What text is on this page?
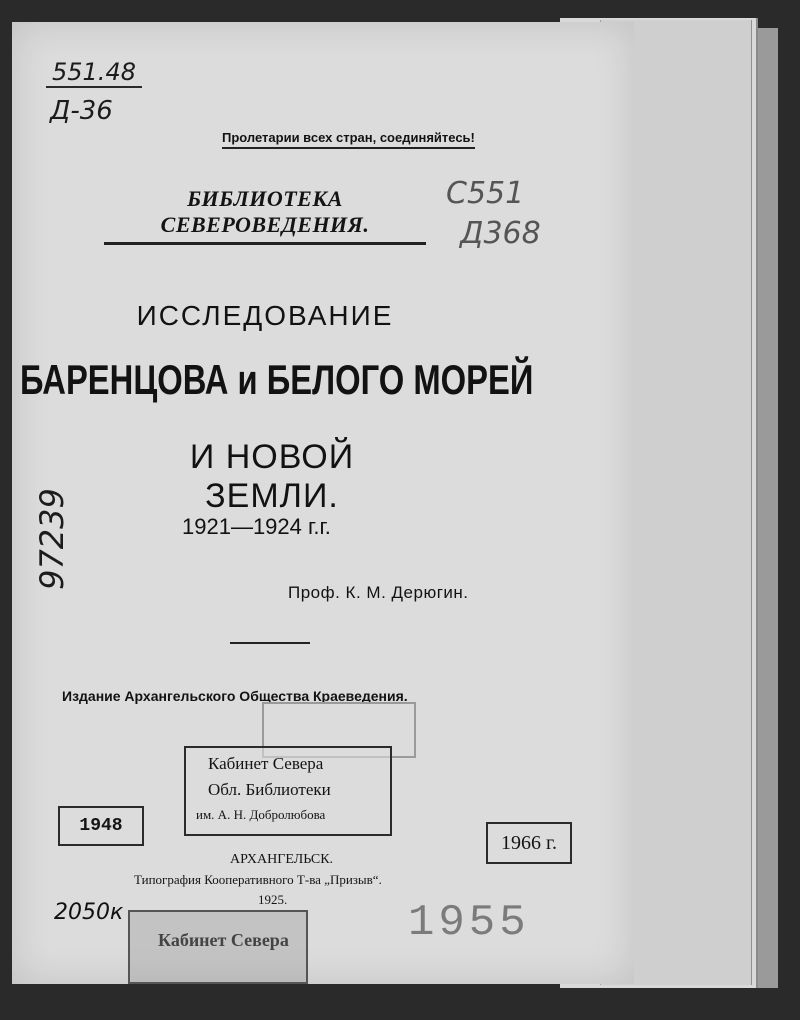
551.48
Д-36
С551
Д368
97239
Пролетарии всех стран, соединяйтесь!
БИБЛИОТЕКА СЕВЕРОВЕДЕНИЯ.
ИССЛЕДОВАНИЕ
БАРЕНЦОВА и БЕЛОГО МОРЕЙ
И НОВОЙ ЗЕМЛИ.
1921—1924 г.г.
Проф. К. М. Дерюгин.
Издание Архангельского Общества Краеведения.
Кабинет Севера
Обл. Библиотеки
им. А. Н. Добролюбова
1948
1966 г.
АРХАНГЕЛЬСК.
Типография Кооперативного Т-ва „Призыв“.
1925.
2050к
Кабинет Севера	1955
